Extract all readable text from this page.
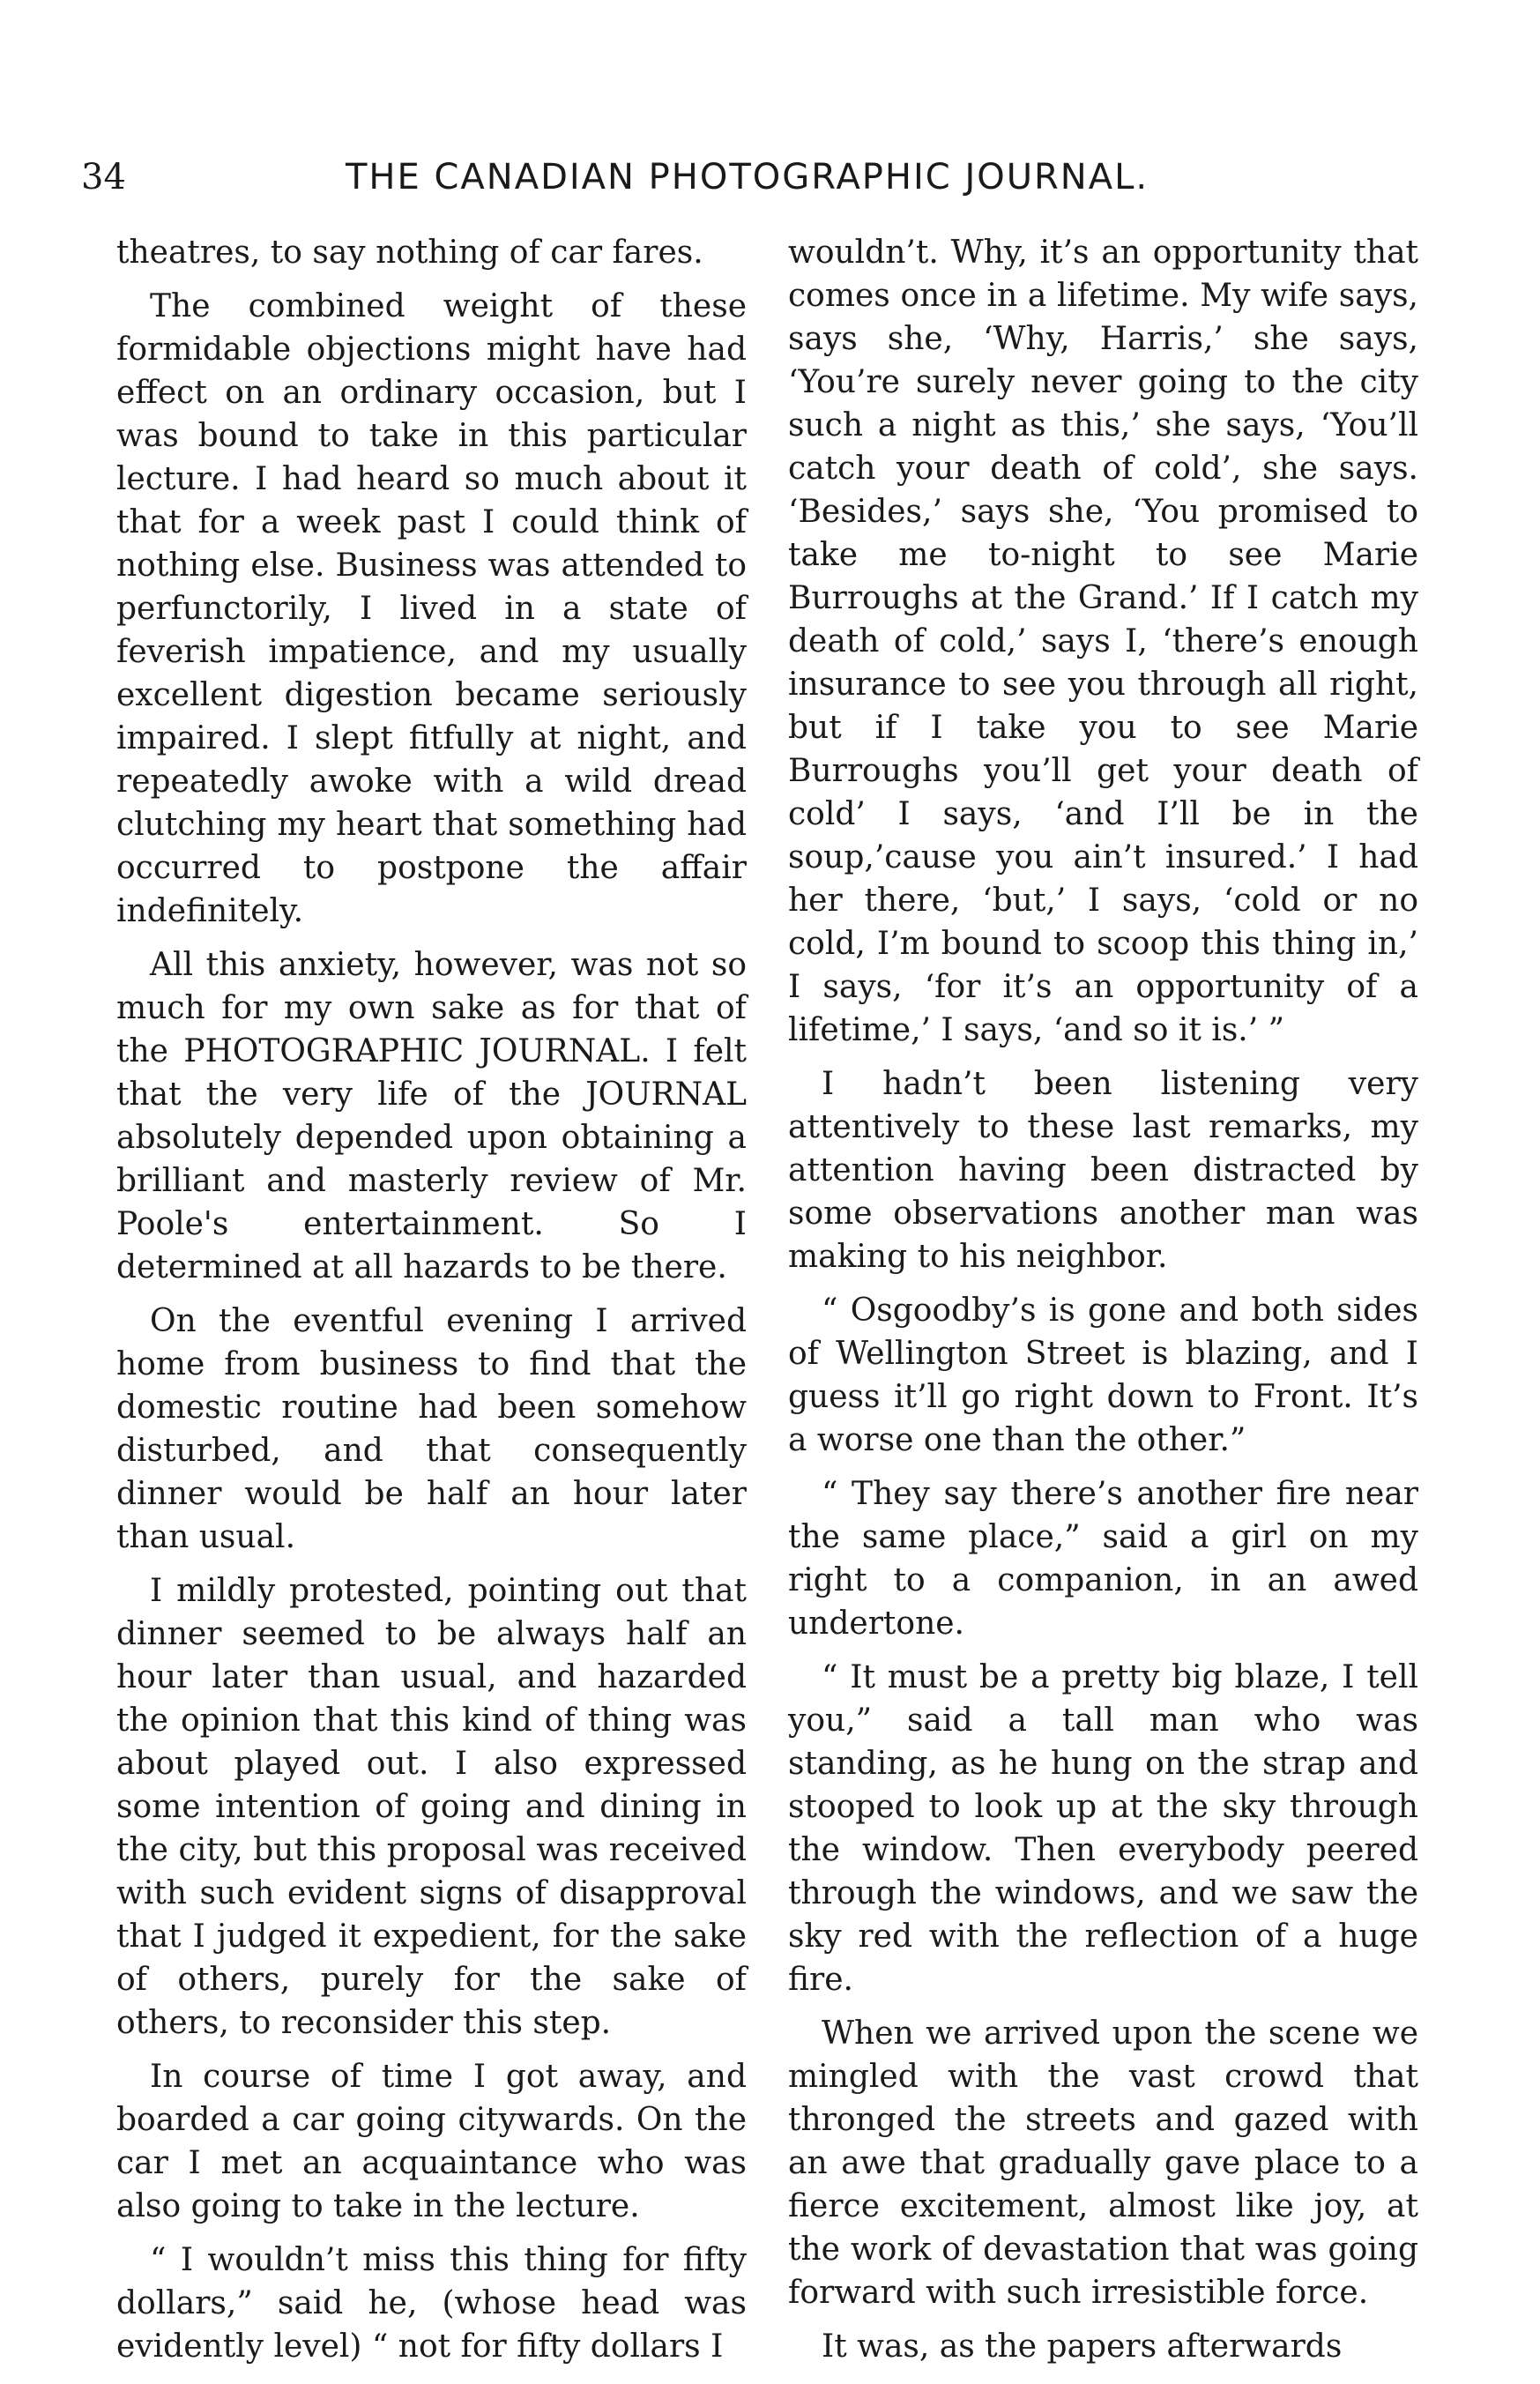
34	THE CANADIAN PHOTOGRAPHIC JOURNAL.

theatres, to say nothing of car fares.

The combined weight of these formidable objections might have had effect on an ordinary occasion, but I was bound to take in this particular lecture. I had heard so much about it that for a week past I could think of nothing else. Business was attended to perfunctorily, I lived in a state of feverish impatience, and my usually excellent digestion became seriously impaired. I slept fitfully at night, and repeatedly awoke with a wild dread clutching my heart that something had occurred to postpone the affair indefinitely.

All this anxiety, however, was not so much for my own sake as for that of the PHOTOGRAPHIC JOURNAL. I felt that the very life of the JOURNAL absolutely depended upon obtaining a brilliant and masterly review of Mr. Poole's entertainment. So I determined at all hazards to be there.

On the eventful evening I arrived home from business to find that the domestic routine had been somehow disturbed, and that consequently dinner would be half an hour later than usual.

I mildly protested, pointing out that dinner seemed to be always half an hour later than usual, and hazarded the opinion that this kind of thing was about played out. I also expressed some intention of going and dining in the city, but this proposal was received with such evident signs of disapproval that I judged it expedient, for the sake of others, purely for the sake of others, to reconsider this step.

In course of time I got away, and boarded a car going citywards. On the car I met an acquaintance who was also going to take in the lecture.

“ I wouldn’t miss this thing for fifty dollars,” said he, (whose head was evidently level) “ not for fifty dollars I

wouldn’t. Why, it’s an opportunity that comes once in a lifetime. My wife says, says she, ‘Why, Harris,’ she says, ‘You’re surely never going to the city such a night as this,’ she says, ‘You’ll catch your death of cold’, she says. ‘Besides,’ says she, ‘You promised to take me to-night to see Marie Burroughs at the Grand.’ If I catch my death of cold,’ says I, ‘there’s enough insurance to see you through all right, but if I take you to see Marie Burroughs you’ll get your death of cold’ I says, ‘and I’ll be in the soup,’cause you ain’t insured.’ I had her there, ‘but,’ I says, ‘cold or no cold, I’m bound to scoop this thing in,’ I says, ‘for it’s an opportunity of a lifetime,’ I says, ‘and so it is.’ ”

I hadn’t been listening very attentively to these last remarks, my attention having been distracted by some observations another man was making to his neighbor.

“ Osgoodby’s is gone and both sides of Wellington Street is blazing, and I guess it’ll go right down to Front. It’s a worse one than the other.”

“ They say there’s another fire near the same place,” said a girl on my right to a companion, in an awed undertone.

“ It must be a pretty big blaze, I tell you,” said a tall man who was standing, as he hung on the strap and stooped to look up at the sky through the window. Then everybody peered through the windows, and we saw the sky red with the reflection of a huge fire.

When we arrived upon the scene we mingled with the vast crowd that thronged the streets and gazed with an awe that gradually gave place to a fierce excitement, almost like joy, at the work of devastation that was going forward with such irresistible force.

It was, as the papers afterwards
